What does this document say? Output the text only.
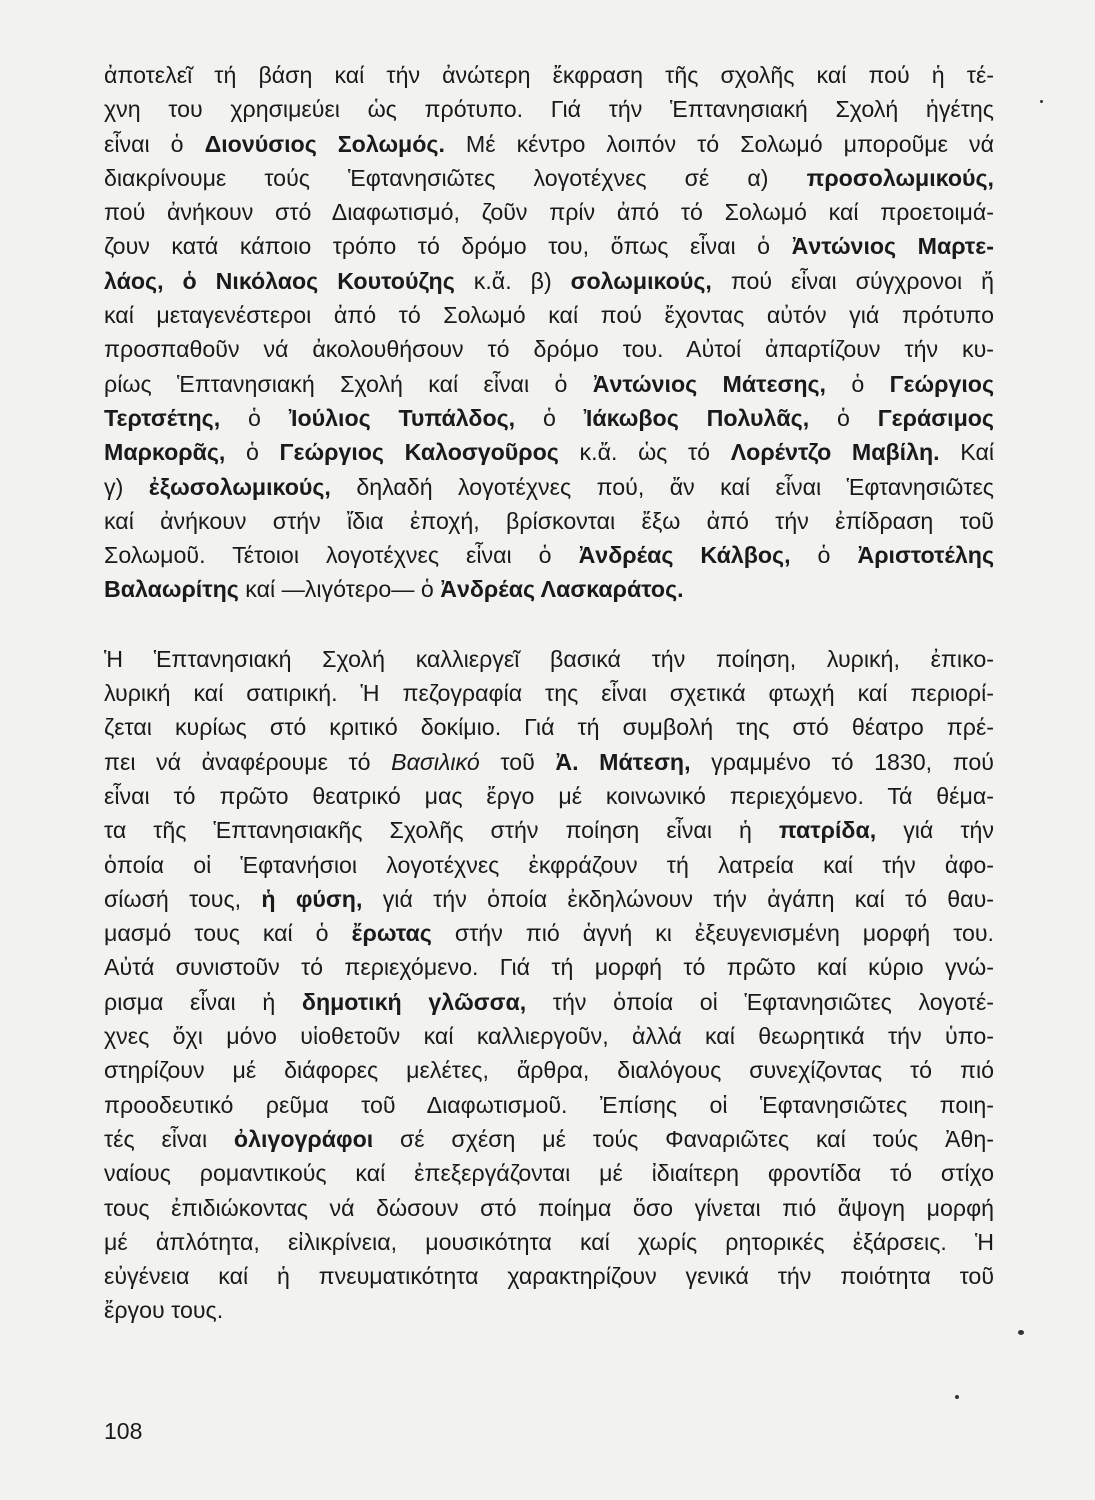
ἀποτελεῖ τή βάση καί τήν ἀνώτερη ἔκφραση τῆς σχολῆς καί πού ἡ τέ-
χνη του χρησιμεύει ὡς πρότυπο. Γιά τήν Ἑπτανησιακή Σχολή ἡγέτης
εἶναι ὁ Διονύσιος Σολωμός. Μέ κέντρο λοιπόν τό Σολωμό μποροῦμε νά
διακρίνουμε τούς Ἑφτανησιῶτες λογοτέχνες σέ α) προσολωμικούς,
πού ἀνήκουν στό Διαφωτισμό, ζοῦν πρίν ἀπό τό Σολωμό καί προετοιμά-
ζουν κατά κάποιο τρόπο τό δρόμο του, ὅπως εἶναι ὁ Ἀντώνιος Μαρτε-
λάος, ὁ Νικόλαος Κουτούζης κ.ἄ. β) σολωμικούς, πού εἶναι σύγχρονοι ἤ
καί μεταγενέστεροι ἀπό τό Σολωμό καί πού ἔχοντας αὐτόν γιά πρότυπο
προσπαθοῦν νά ἀκολουθήσουν τό δρόμο του. Αὐτοί ἀπαρτίζουν τήν κυ-
ρίως Ἑπτανησιακή Σχολή καί εἶναι ὁ Ἀντώνιος Μάτεσης, ὁ Γεώργιος
Τερτσέτης, ὁ Ἰούλιος Τυπάλδος, ὁ Ἰάκωβος Πολυλᾶς, ὁ Γεράσιμος
Μαρκορᾶς, ὁ Γεώργιος Καλοσγοῦρος κ.ἄ. ὡς τό Λορέντζο Μαβίλη. Καί
γ) ἐξωσολωμικούς, δηλαδή λογοτέχνες πού, ἄν καί εἶναι Ἑφτανησιῶτες
καί ἀνήκουν στήν ἴδια ἐποχή, βρίσκονται ἔξω ἀπό τήν ἐπίδραση τοῦ
Σολωμοῦ. Τέτοιοι λογοτέχνες εἶναι ὁ Ἀνδρέας Κάλβος, ὁ Ἀριστοτέλης
Βαλαωρίτης καί —λιγότερο— ὁ Ἀνδρέας Λασκαράτος.

Ἡ Ἑπτανησιακή Σχολή καλλιεργεῖ βασικά τήν ποίηση, λυρική, ἐπικο-
λυρική καί σατιρική. Ἡ πεζογραφία της εἶναι σχετικά φτωχή καί περιορί-
ζεται κυρίως στό κριτικό δοκίμιο. Γιά τή συμβολή της στό θέατρο πρέ-
πει νά ἀναφέρουμε τό Βασιλικό τοῦ Ἀ. Μάτεση, γραμμένο τό 1830, πού
εἶναι τό πρῶτο θεατρικό μας ἔργο μέ κοινωνικό περιεχόμενο. Τά θέμα-
τα τῆς Ἑπτανησιακῆς Σχολῆς στήν ποίηση εἶναι ἡ πατρίδα, γιά τήν
ὁποία οἱ Ἑφτανήσιοι λογοτέχνες ἐκφράζουν τή λατρεία καί τήν ἀφο-
σίωσή τους, ἡ φύση, γιά τήν ὁποία ἐκδηλώνουν τήν ἀγάπη καί τό θαυ-
μασμό τους καί ὁ ἔρωτας στήν πιό ἁγνή κι ἐξευγενισμένη μορφή του.
Αὐτά συνιστοῦν τό περιεχόμενο. Γιά τή μορφή τό πρῶτο καί κύριο γνώ-
ρισμα εἶναι ἡ δημοτική γλῶσσα, τήν ὁποία οἱ Ἑφτανησιῶτες λογοτέ-
χνες ὄχι μόνο υἱοθετοῦν καί καλλιεργοῦν, ἀλλά καί θεωρητικά τήν ὑπο-
στηρίζουν μέ διάφορες μελέτες, ἄρθρα, διαλόγους συνεχίζοντας τό πιό
προοδευτικό ρεῦμα τοῦ Διαφωτισμοῦ. Ἐπίσης οἱ Ἑφτανησιῶτες ποιη-
τές εἶναι ὀλιγογράφοι σέ σχέση μέ τούς Φαναριῶτες καί τούς Ἀθη-
ναίους ρομαντικούς καί ἐπεξεργάζονται μέ ἰδιαίτερη φροντίδα τό στίχο
τους ἐπιδιώκοντας νά δώσουν στό ποίημα ὅσο γίνεται πιό ἄψογη μορφή
μέ ἁπλότητα, εἰλικρίνεια, μουσικότητα καί χωρίς ρητορικές ἐξάρσεις. Ἡ
εὐγένεια καί ἡ πνευματικότητα χαρακτηρίζουν γενικά τήν ποιότητα τοῦ
ἔργου τους.

108
